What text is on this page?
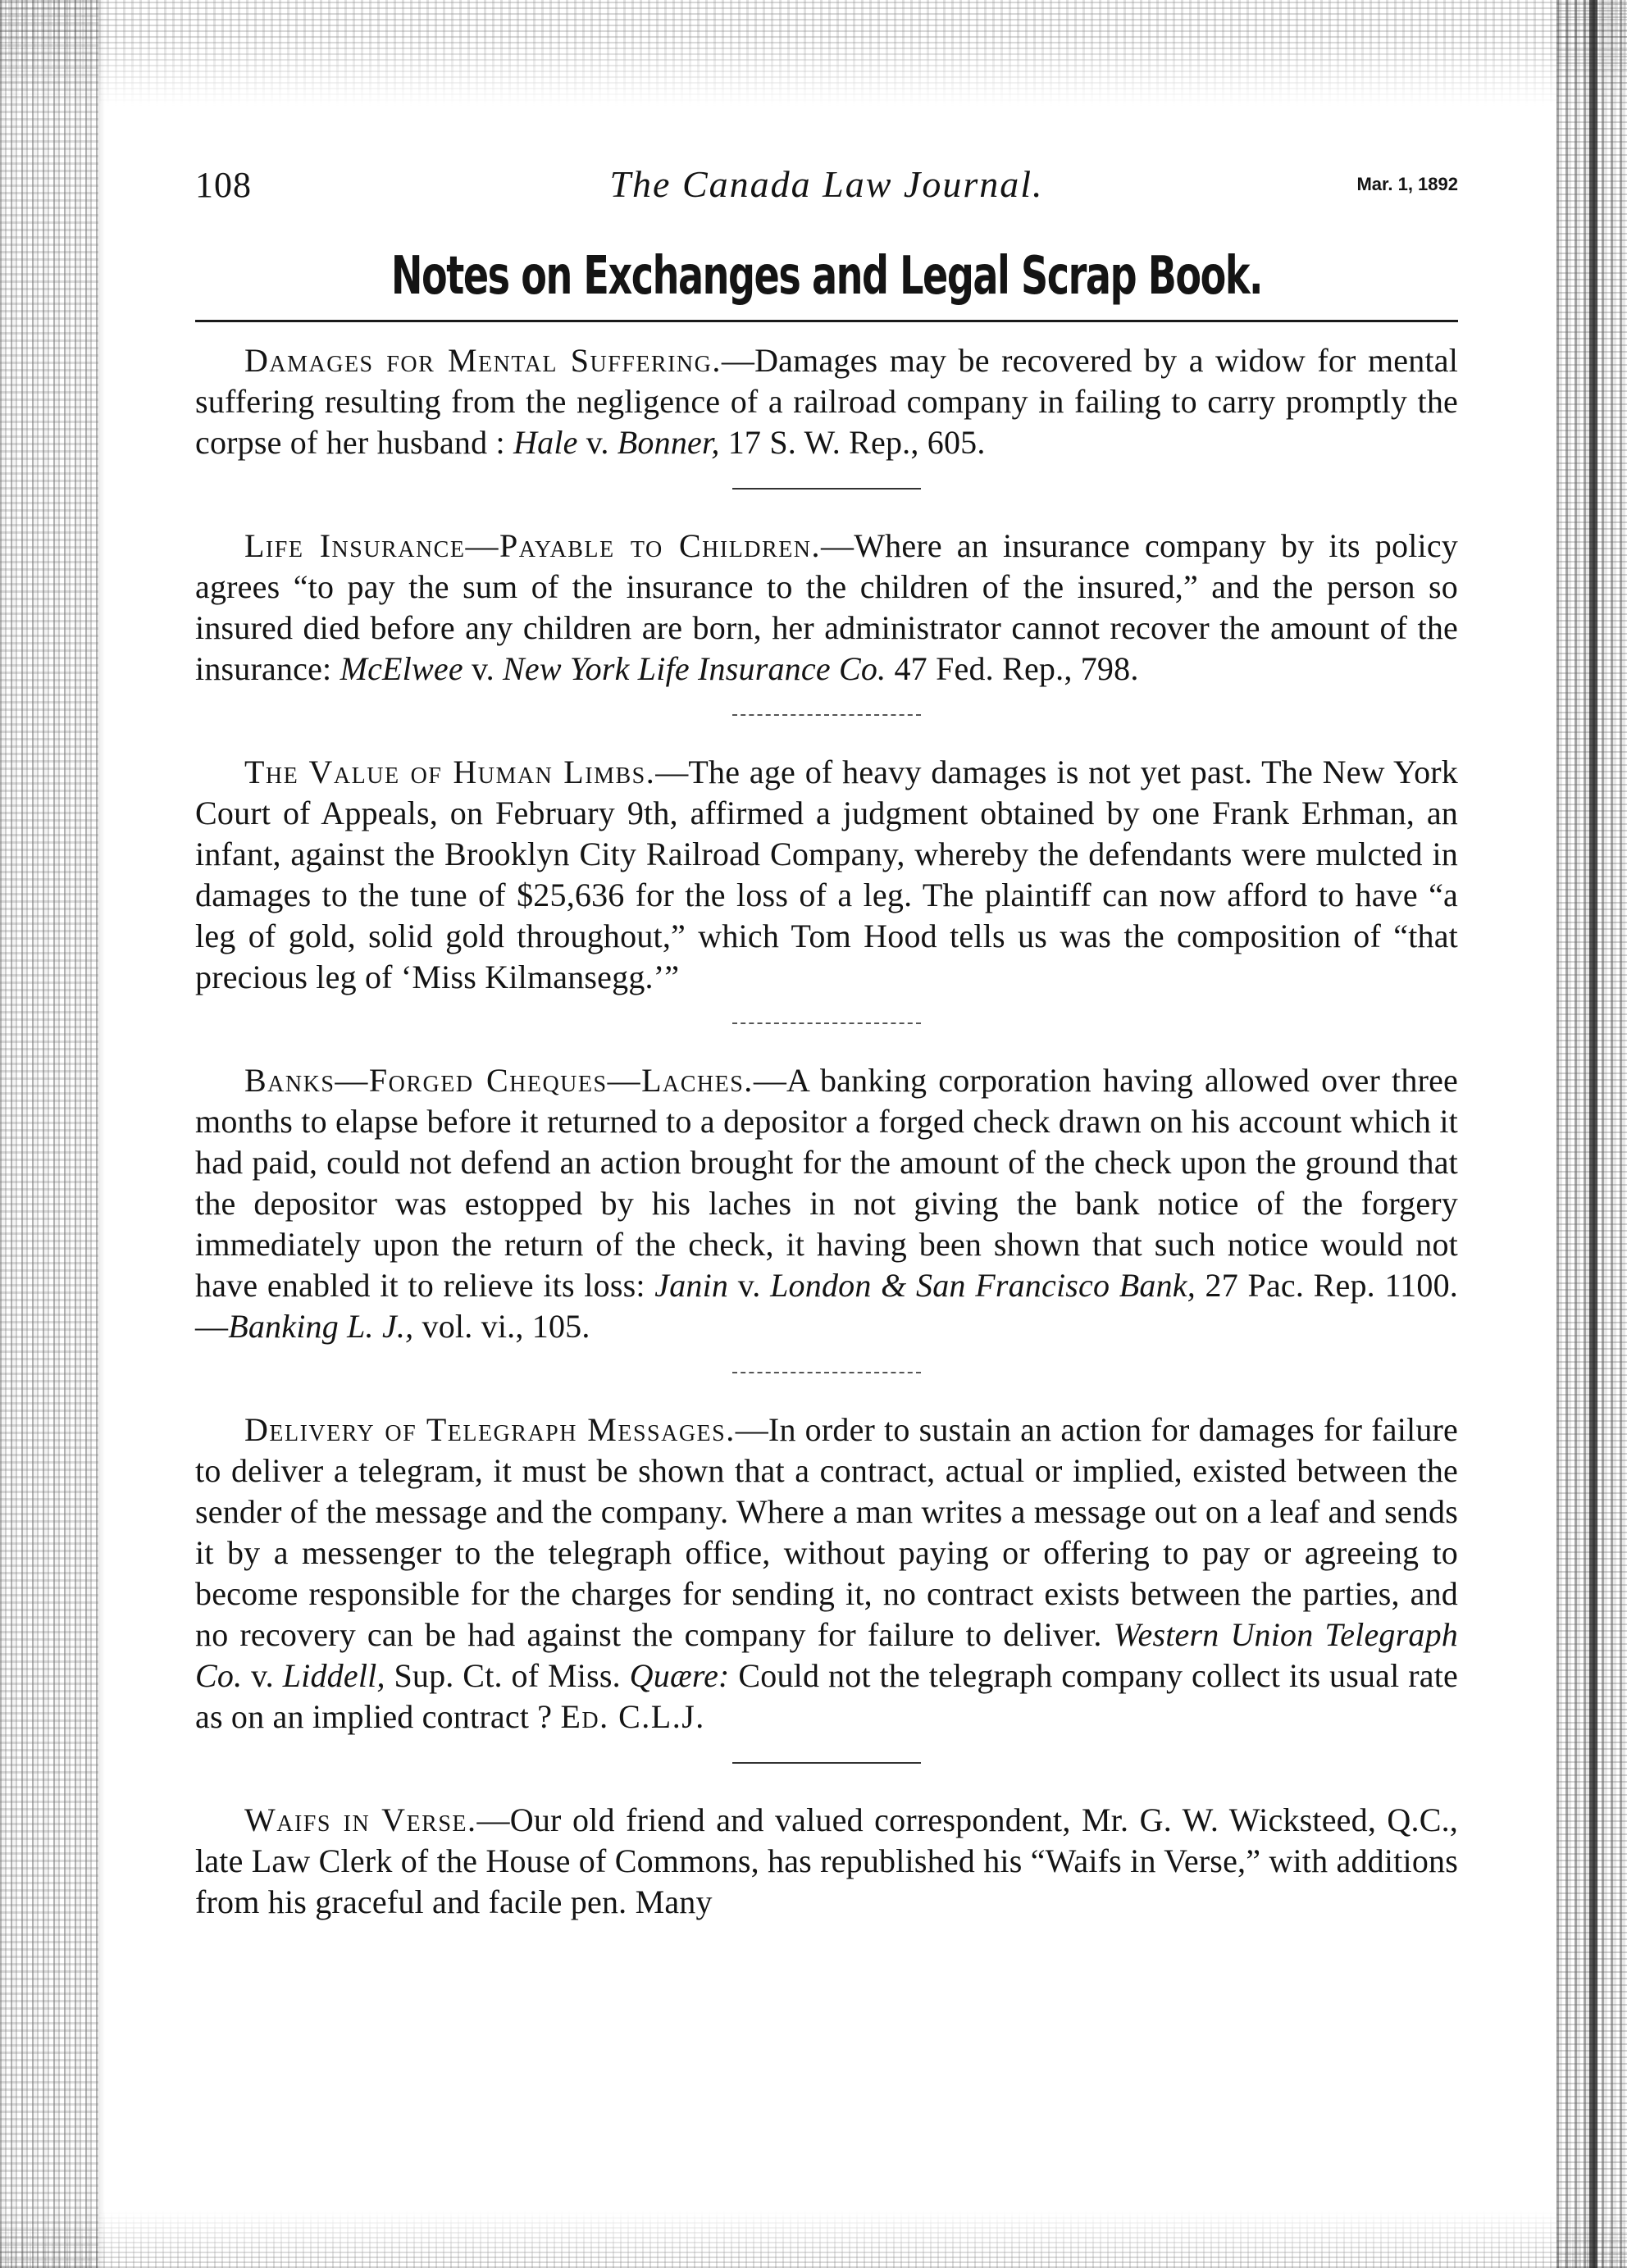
108	The Canada Law Journal.	Mar. 1, 1892
Notes on Exchanges and Legal Scrap Book.

Damages for Mental Suffering.—Damages may be recovered by a widow for mental suffering resulting from the negligence of a railroad company in failing to carry promptly the corpse of her husband : Hale v. Bonner, 17 S. W. Rep., 605.

Life Insurance—Payable to Children.—Where an insurance company by its policy agrees “to pay the sum of the insurance to the children of the insured,” and the person so insured died before any children are born, her administrator cannot recover the amount of the insurance: McElwee v. New York Life Insurance Co. 47 Fed. Rep., 798.

The Value of Human Limbs.—The age of heavy damages is not yet past. The New York Court of Appeals, on February 9th, affirmed a judgment obtained by one Frank Erhman, an infant, against the Brooklyn City Railroad Company, whereby the defendants were mulcted in damages to the tune of $25,636 for the loss of a leg. The plaintiff can now afford to have “a leg of gold, solid gold throughout,” which Tom Hood tells us was the composition of “that precious leg of ‘Miss Kilmansegg.’”

Banks—Forged Cheques—Laches.—A banking corporation having allowed over three months to elapse before it returned to a depositor a forged check drawn on his account which it had paid, could not defend an action brought for the amount of the check upon the ground that the depositor was estopped by his laches in not giving the bank notice of the forgery immediately upon the return of the check, it having been shown that such notice would not have enabled it to relieve its loss: Janin v. London & San Francisco Bank, 27 Pac. Rep. 1100.—Banking L. J., vol. vi., 105.

Delivery of Telegraph Messages.—In order to sustain an action for damages for failure to deliver a telegram, it must be shown that a contract, actual or implied, existed between the sender of the message and the company. Where a man writes a message out on a leaf and sends it by a messenger to the telegraph office, without paying or offering to pay or agreeing to become responsible for the charges for sending it, no contract exists between the parties, and no recovery can be had against the company for failure to deliver. Western Union Telegraph Co. v. Liddell, Sup. Ct. of Miss. Quære: Could not the telegraph company collect its usual rate as on an implied contract ? Ed. C.L.J.

Waifs in Verse.—Our old friend and valued correspondent, Mr. G. W. Wicksteed, Q.C., late Law Clerk of the House of Commons, has republished his “Waifs in Verse,” with additions from his graceful and facile pen. Many
